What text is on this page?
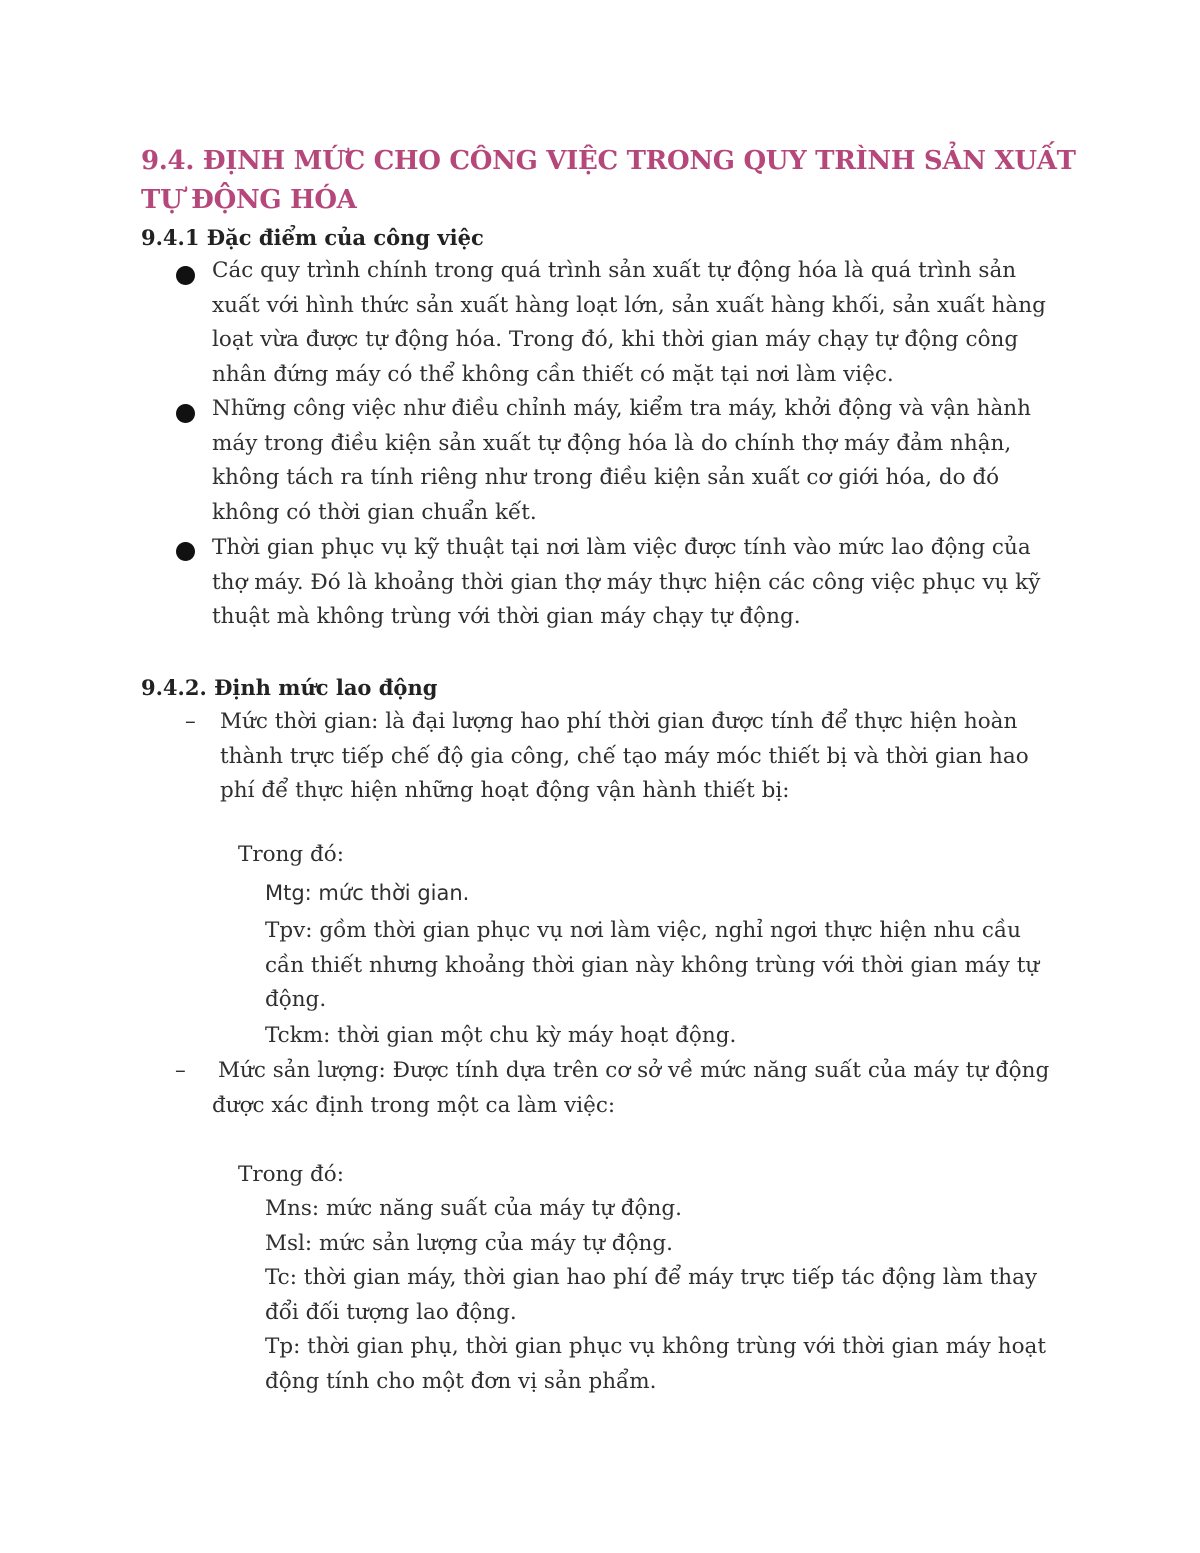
9.4. ĐỊNH MỨC CHO CÔNG VIỆC TRONG QUY TRÌNH SẢN XUẤT TỰ ĐỘNG HÓA
9.4.1 Đặc điểm của công việc

Các quy trình chính trong quá trình sản xuất tự động hóa là quá trình sản xuất với hình thức sản xuất hàng loạt lớn, sản xuất hàng khối, sản xuất hàng loạt vừa được tự động hóa. Trong đó, khi thời gian máy chạy tự động công nhân đứng máy có thể không cần thiết có mặt tại nơi làm việc.

Những công việc như điều chỉnh máy, kiểm tra máy, khởi động và vận hành máy trong điều kiện sản xuất tự động hóa là do chính thợ máy đảm nhận, không tách ra tính riêng như trong điều kiện sản xuất cơ giới hóa, do đó không có thời gian chuẩn kết.

Thời gian phục vụ kỹ thuật tại nơi làm việc được tính vào mức lao động của thợ máy. Đó là khoảng thời gian thợ máy thực hiện các công việc phục vụ kỹ thuật mà không trùng với thời gian máy chạy tự động.

9.4.2. Định mức lao động
– Mức thời gian: là đại lượng hao phí thời gian được tính để thực hiện hoàn thành trực tiếp chế độ gia công, chế tạo máy móc thiết bị và thời gian hao phí để thực hiện những hoạt động vận hành thiết bị:

Trong đó:

Mtg: mức thời gian.

Tpv: gồm thời gian phục vụ nơi làm việc, nghỉ ngơi thực hiện nhu cầu cần thiết nhưng khoảng thời gian này không trùng với thời gian máy tự động.

Tckm: thời gian một chu kỳ máy hoạt động.

– Mức sản lượng: Được tính dựa trên cơ sở về mức năng suất của máy tự động được xác định trong một ca làm việc:

Trong đó:

Mns: mức năng suất của máy tự động.

Msl: mức sản lượng của máy tự động.

Tc: thời gian máy, thời gian hao phí để máy trực tiếp tác động làm thay đổi đối tượng lao động.

Tp: thời gian phụ, thời gian phục vụ không trùng với thời gian máy hoạt động tính cho một đơn vị sản phẩm.
